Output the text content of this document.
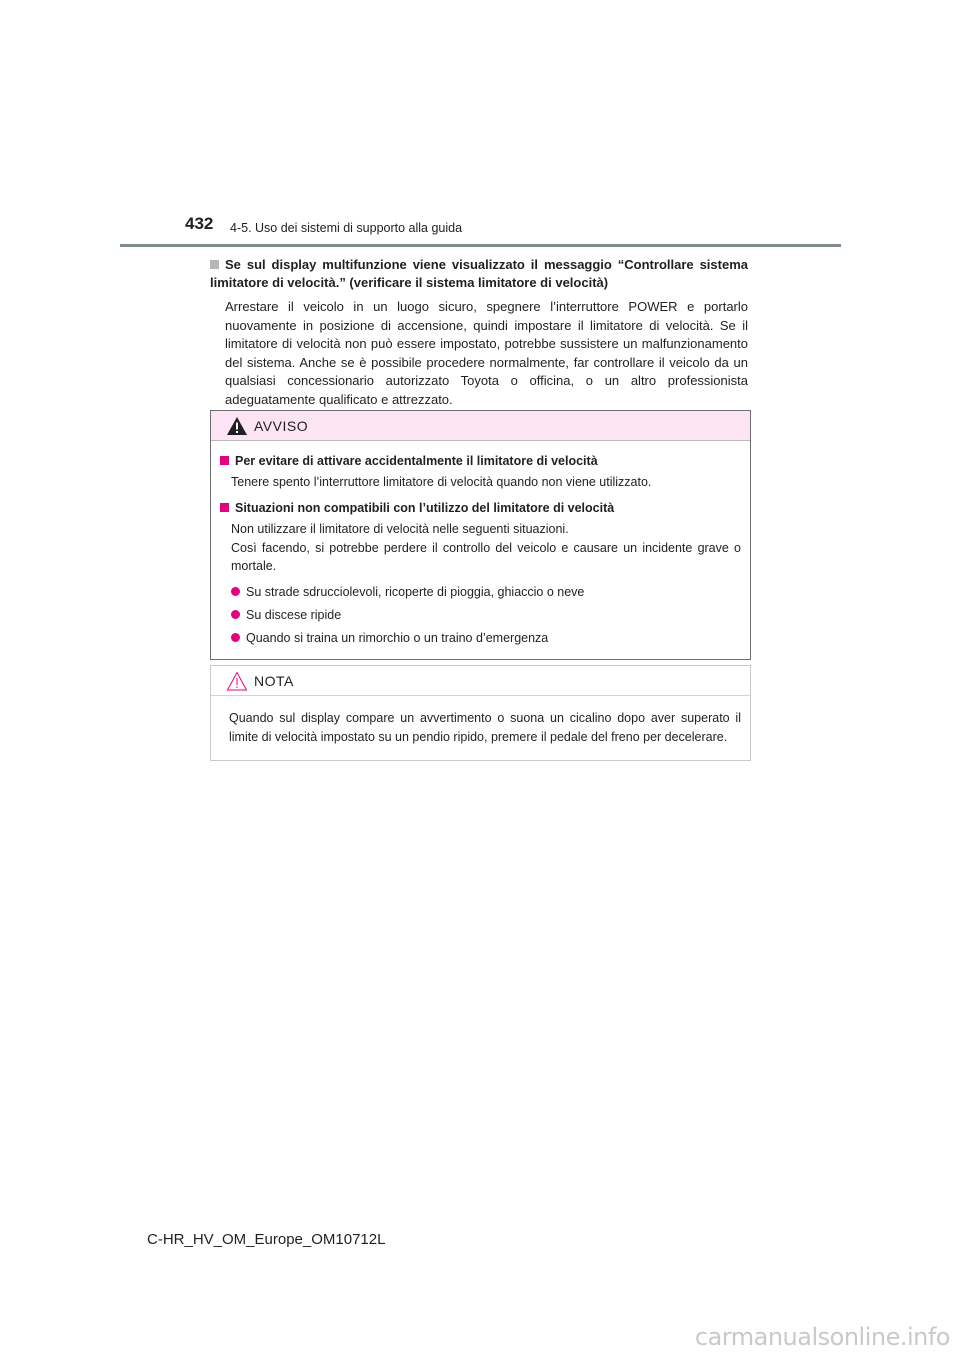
432 4-5. Uso dei sistemi di supporto alla guida
Se sul display multifunzione viene visualizzato il messaggio “Controllare sistema limitatore di velocità.” (verificare il sistema limitatore di velocità)
Arrestare il veicolo in un luogo sicuro, spegnere l’interruttore POWER e portarlo nuovamente in posizione di accensione, quindi impostare il limitatore di velocità. Se il limitatore di velocità non può essere impostato, potrebbe sussistere un malfunzionamento del sistema. Anche se è possibile procedere normalmente, far controllare il veicolo da un qualsiasi concessionario autorizzato Toyota o officina, o un altro professionista adeguatamente qualificato e attrezzato.
AVVISO
Per evitare di attivare accidentalmente il limitatore di velocità
Tenere spento l’interruttore limitatore di velocità quando non viene utilizzato.
Situazioni non compatibili con l’utilizzo del limitatore di velocità
Non utilizzare il limitatore di velocità nelle seguenti situazioni.
Così facendo, si potrebbe perdere il controllo del veicolo e causare un incidente grave o mortale.
Su strade sdrucciolevoli, ricoperte di pioggia, ghiaccio o neve
Su discese ripide
Quando si traina un rimorchio o un traino d’emergenza
NOTA
Quando sul display compare un avvertimento o suona un cicalino dopo aver superato il limite di velocità impostato su un pendio ripido, premere il pedale del freno per decelerare.
C-HR_HV_OM_Europe_OM10712L
carmanualsonline.info
